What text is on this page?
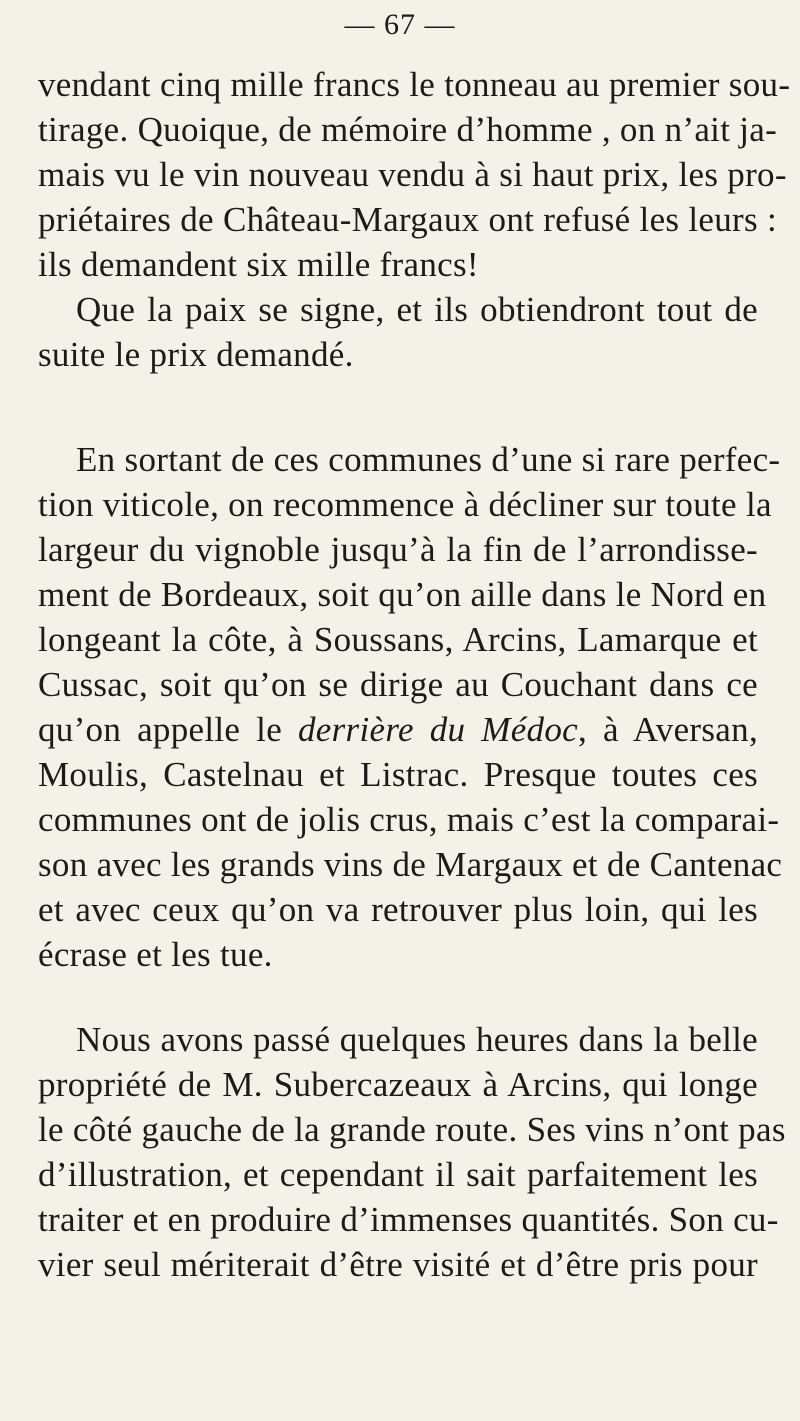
— 67 —
vendant cinq mille francs le tonneau au premier sou-
tirage. Quoique, de mémoire d’homme , on n’ait ja-
mais vu le vin nouveau vendu à si haut prix, les pro-
priétaires de Château-Margaux ont refusé les leurs :
ils demandent six mille francs!
Que la paix se signe, et ils obtiendront tout de
suite le prix demandé.
En sortant de ces communes d’une si rare perfec-
tion viticole, on recommence à décliner sur toute la
largeur du vignoble jusqu’à la fin de l’arrondisse-
ment de Bordeaux, soit qu’on aille dans le Nord en
longeant la côte, à Soussans, Arcins, Lamarque et
Cussac, soit qu’on se dirige au Couchant dans ce
qu’on appelle le derrière du Médoc, à Aversan,
Moulis, Castelnau et Listrac. Presque toutes ces
communes ont de jolis crus, mais c’est la comparai-
son avec les grands vins de Margaux et de Cantenac
et avec ceux qu’on va retrouver plus loin, qui les
écrase et les tue.
Nous avons passé quelques heures dans la belle
propriété de M. Subercazeaux à Arcins, qui longe
le côté gauche de la grande route. Ses vins n’ont pas
d’illustration, et cependant il sait parfaitement les
traiter et en produire d’immenses quantités. Son cu-
vier seul mériterait d’être visité et d’être pris pour
